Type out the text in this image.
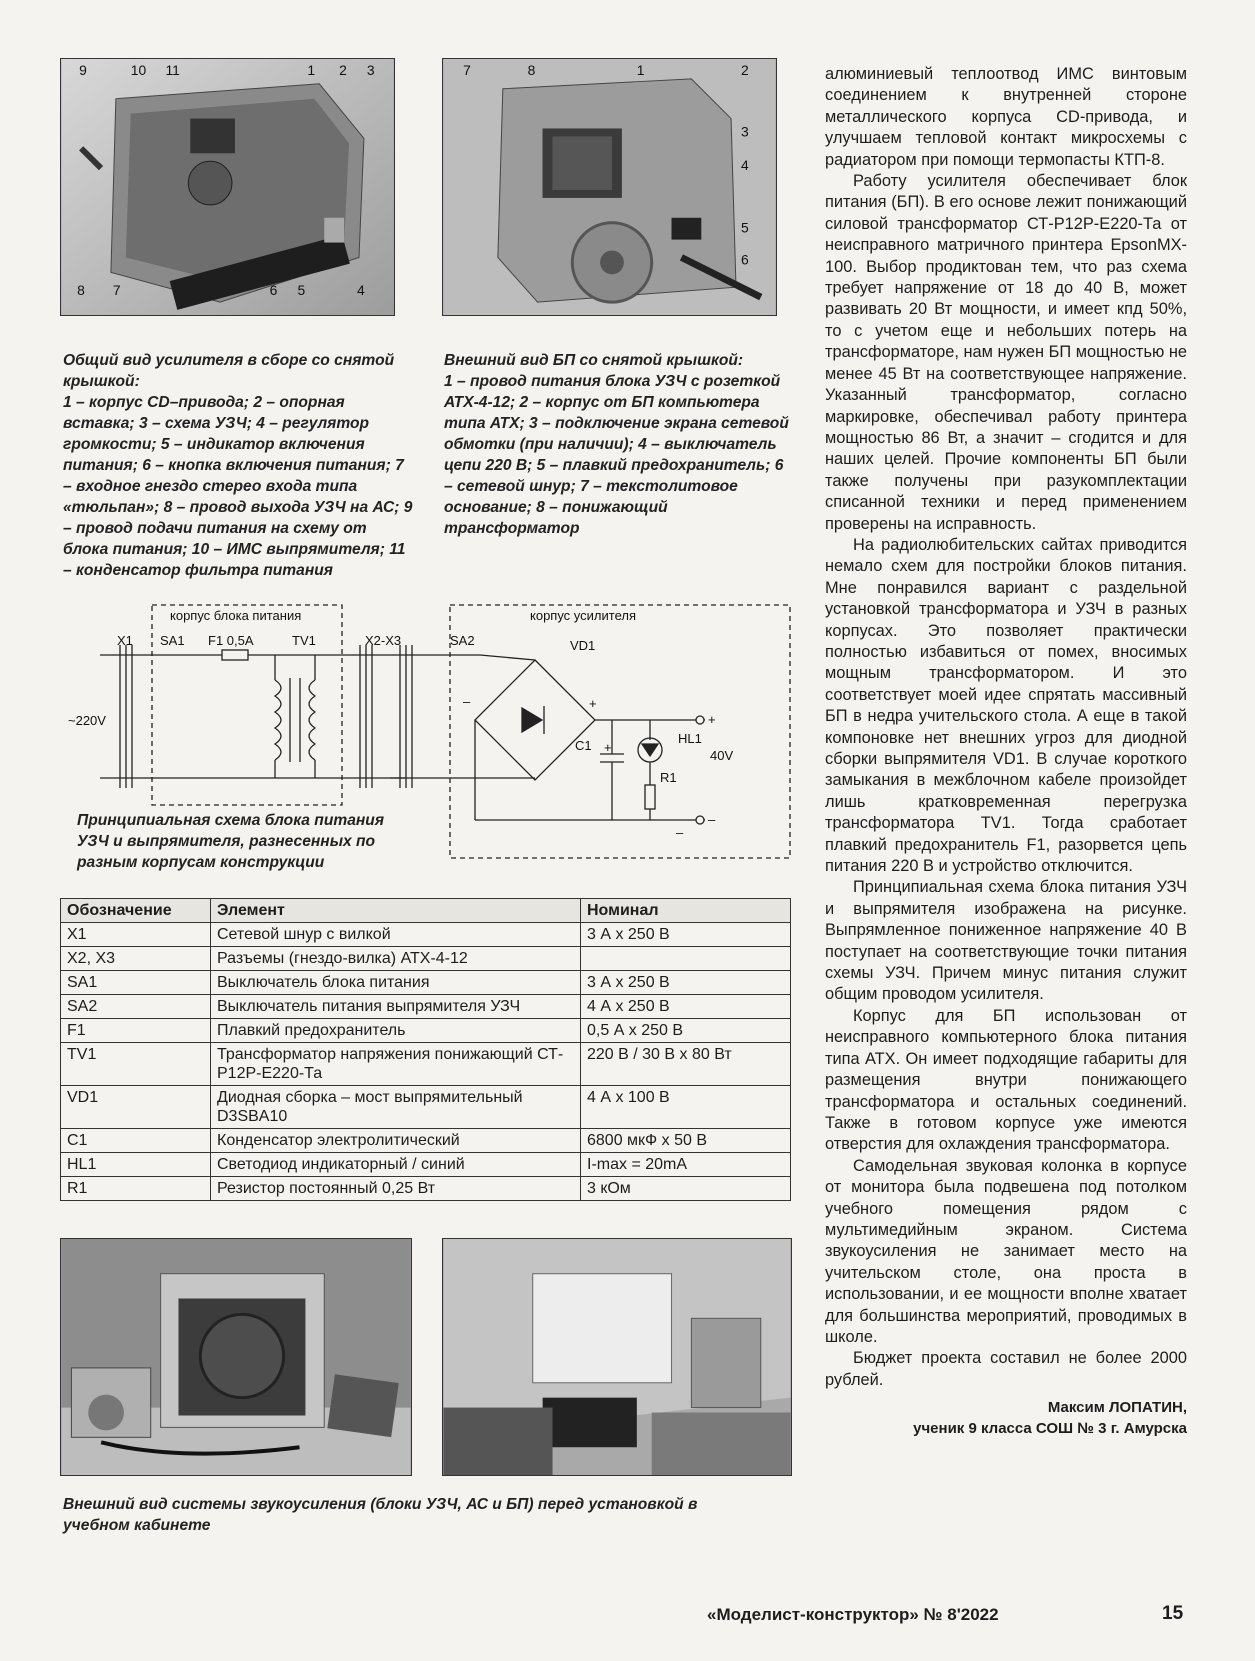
9	10 11	1 2 3
8 7	6 5	4
7	8	1	2
3
4
5
6

Общий вид усилителя в сборе со снятой крышкой:

1 – корпус CD–привода; 2 – опорная вставка; 3 – схема УЗЧ; 4 – регулятор громкости; 5 – индикатор включения питания; 6 – кнопка включения питания; 7 – входное гнездо стерео входа типа «тюльпан»; 8 – провод выхода УЗЧ на АС; 9 – провод подачи питания на схему от блока питания; 10 – ИМС выпрямителя; 11 – конденсатор фильтра питания

Внешний вид БП со снятой крышкой:

1 – провод питания блока УЗЧ с розеткой АТХ-4-12; 2 – корпус от БП компьютера типа АТХ; 3 – подключение экрана сетевой обмотки (при наличии); 4 – выключатель цепи 220 В; 5 – плавкий предохранитель; 6 – сетевой шнур; 7 – текстолитовое основание; 8 – понижающий трансформатор

корпус блока питания	корпус усилителя
X1 SA1 F1 0,5A	TV1	X2-X3	SA2	VD1
~220V
C1	HL1
40V
R1
+
–
+
–
+
–
Принципиальная схема блока питания УЗЧ и выпрямителя, разнесенных по разным корпусам конструкции
Обозначение	Элемент	Номинал
X1	Сетевой шнур с вилкой	3 А х 250 В
X2, X3	Разъемы (гнездо-вилка) АТХ-4-12	
SA1	Выключатель блока питания	3 А х 250 В
SA2	Выключатель питания выпрямителя УЗЧ	4 А х 250 В
F1	Плавкий предохранитель	0,5 А х 250 В
TV1	Трансформатор напряжения понижающий СТ-Р12Р-Е220-Та	220 В / 30 В х 80 Вт
VD1	Диодная сборка – мост выпрямительный D3SBA10	4 А х 100 В
C1	Конденсатор электролитический	6800 мкФ х 50 В
HL1	Светодиод индикаторный / синий	I-max = 20mA
R1	Резистор постоянный 0,25 Вт	3 кОм
Внешний вид системы звукоусиления (блоки УЗЧ, АС и БП) перед установкой в учебном кабинете

алюминиевый теплоотвод ИМС винтовым соединением к внутренней стороне металлического корпуса CD-привода, и улучшаем тепловой контакт микросхемы с радиатором при помощи термопасты КТП-8.

Работу усилителя обеспечивает блок питания (БП). В его основе лежит понижающий силовой трансформатор СТ-Р12Р-Е220-Та от неисправного матричного принтера EpsonMX-100. Выбор продиктован тем, что раз схема требует напряжение от 18 до 40 В, может развивать 20 Вт мощности, и имеет кпд 50%, то с учетом еще и небольших потерь на трансформаторе, нам нужен БП мощностью не менее 45 Вт на соответствующее напряжение. Указанный трансформатор, согласно маркировке, обеспечивал работу принтера мощностью 86 Вт, а значит – сгодится и для наших целей. Прочие компоненты БП были также получены при разукомплектации списанной техники и перед применением проверены на исправность.

На радиолюбительских сайтах приводится немало схем для постройки блоков питания. Мне понравился вариант с раздельной установкой трансформатора и УЗЧ в разных корпусах. Это позволяет практически полностью избавиться от помех, вносимых мощным трансформатором. И это соответствует моей идее спрятать массивный БП в недра учительского стола. А еще в такой компоновке нет внешних угроз для диодной сборки выпрямителя VD1. В случае короткого замыкания в межблочном кабеле произойдет лишь кратковременная перегрузка трансформатора TV1. Тогда сработает плавкий предохранитель F1, разорвется цепь питания 220 В и устройство отключится.

Принципиальная схема блока питания УЗЧ и выпрямителя изображена на рисунке. Выпрямленное пониженное напряжение 40 В поступает на соответствующие точки питания схемы УЗЧ. Причем минус питания служит общим проводом усилителя.

Корпус для БП использован от неисправного компьютерного блока питания типа АТХ. Он имеет подходящие габариты для размещения внутри понижающего трансформатора и остальных соединений. Также в готовом корпусе уже имеются отверстия для охлаждения трансформатора.

Самодельная звуковая колонка в корпусе от монитора была подвешена под потолком учебного помещения рядом с мультимедийным экраном. Система звукоусиления не занимает место на учительском столе, она проста в использовании, и ее мощности вполне хватает для большинства мероприятий, проводимых в школе.

Бюджет проекта составил не более 2000 рублей.

Максим ЛОПАТИН,

ученик 9 класса СОШ № 3 г. Амурска

«Моделист-конструктор» № 8'2022	15
